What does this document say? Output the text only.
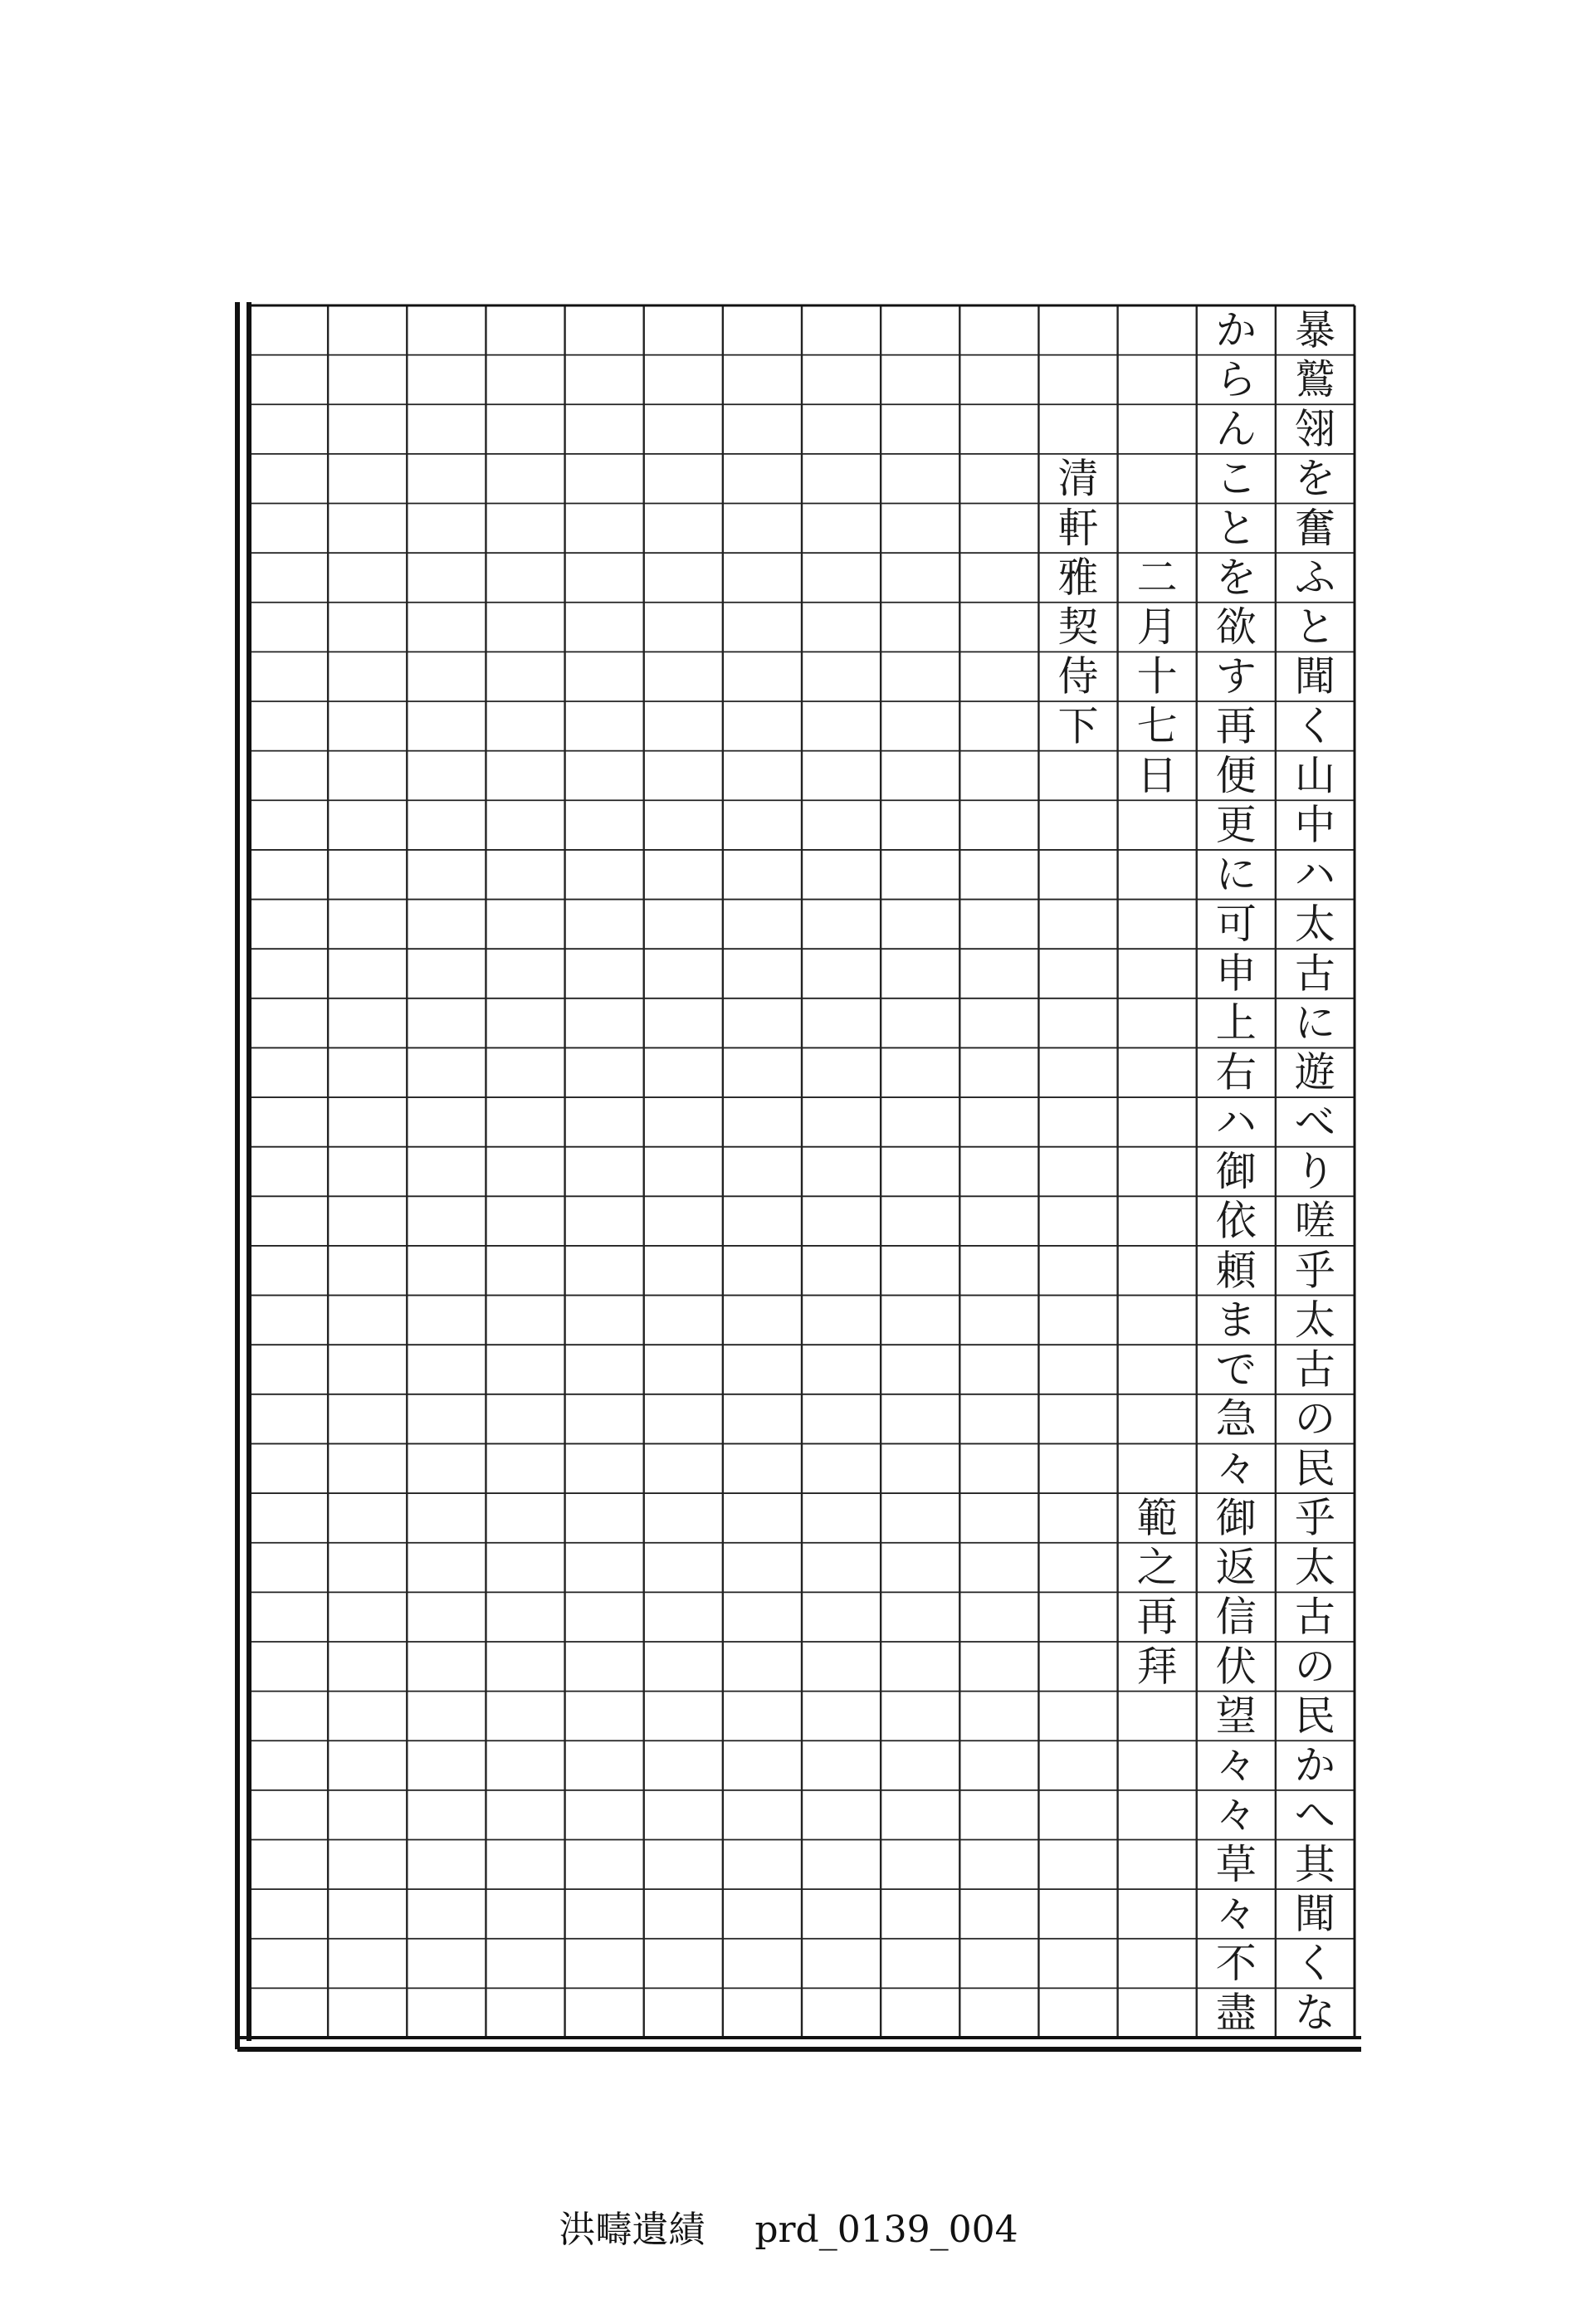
暴
鷲
翎
を
奮
ふ
と
聞
く
山
中
ハ
太
古
に
遊
べ
り
嗟
乎
太
古
の
民
乎
太
古
の
民
か
へ
其
聞
く
な
か
ら
ん
こ
と
を
欲
す
再
便
更
に
可
申
上
右
ハ
御
依
頼
ま
で
急
々
御
返
信
伏
望
々
々
草
々
不
盡
二
月
十
七
日
範
之
再
拜
清
軒
雅
契
侍
下
洪疇遺績 prd_0139_004
